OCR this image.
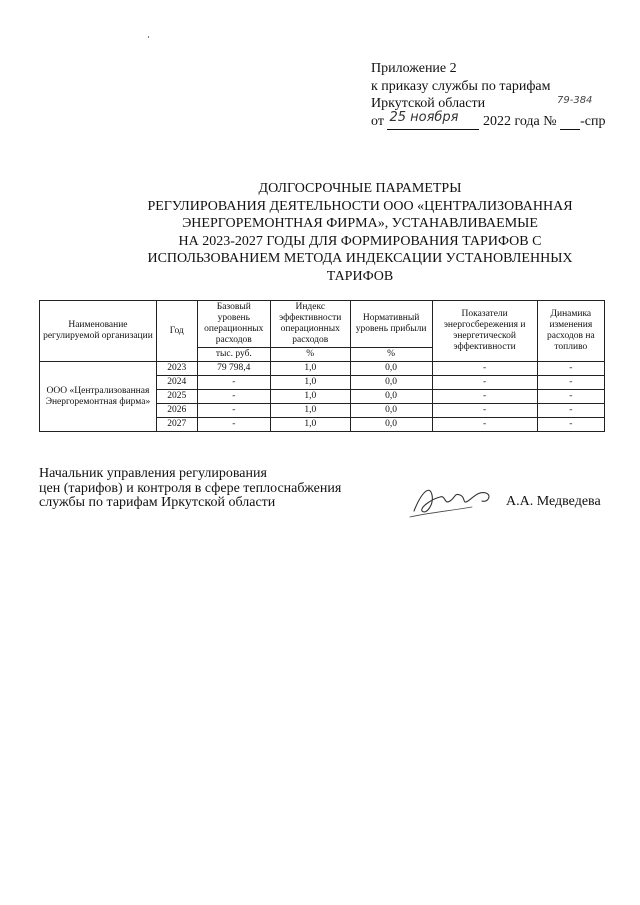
Приложение 2
к приказу службы по тарифам
Иркутской области
от 25 ноября 2022 года № -спр
79-384
ДОЛГОСРОЧНЫЕ ПАРАМЕТРЫ
РЕГУЛИРОВАНИЯ ДЕЯТЕЛЬНОСТИ ООО «ЦЕНТРАЛИЗОВАННАЯ
ЭНЕРГОРЕМОНТНАЯ ФИРМА», УСТАНАВЛИВАЕМЫЕ
НА 2023-2027 ГОДЫ ДЛЯ ФОРМИРОВАНИЯ ТАРИФОВ С
ИСПОЛЬЗОВАНИЕМ МЕТОДА ИНДЕКСАЦИИ УСТАНОВЛЕННЫХ
ТАРИФОВ
Наименование регулируемой организации	Год	Базовый уровень операционных расходов	Индекс эффективности операционных расходов	Нормативный уровень прибыли	Показатели энергосбережения и энергетической эффективности	Динамика изменения расходов на топливо
		тыс. руб.	%	%		
ООО «Централизованная Энергоремонтная фирма»	2023	79 798,4	1,0	0,0	-	-
	2024	-	1,0	0,0	-	-
	2025	-	1,0	0,0	-	-
	2026	-	1,0	0,0	-	-
	2027	-	1,0	0,0	-	-
Начальник управления регулирования
цен (тарифов) и контроля в сфере теплоснабжения
службы по тарифам Иркутской области	А.А. Медведева
